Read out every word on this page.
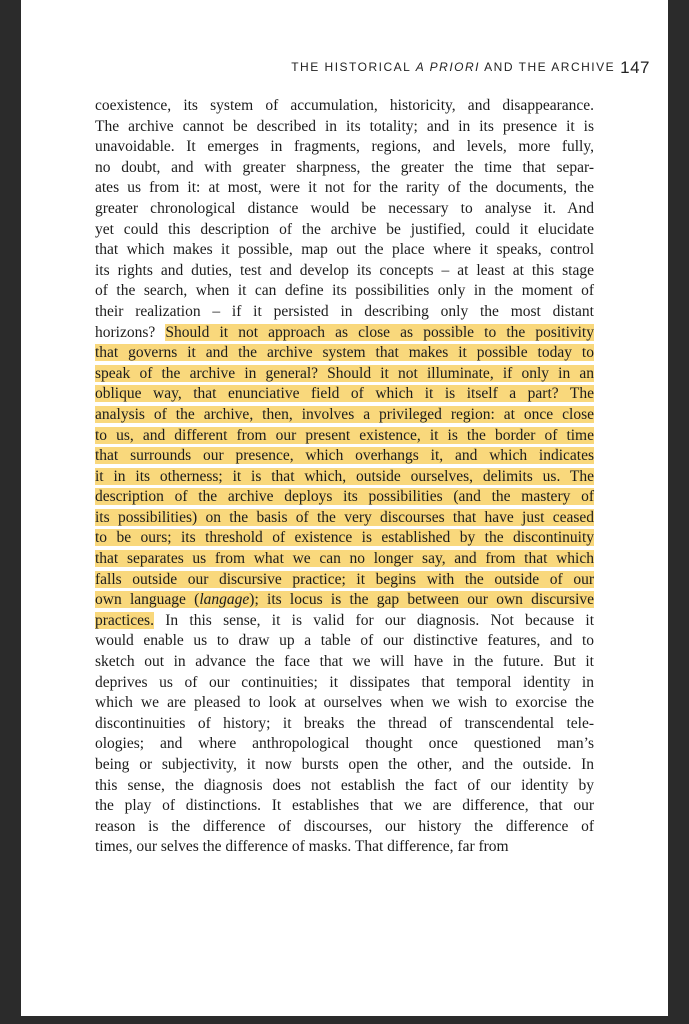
THE HISTORICAL A PRIORI AND THE ARCHIVE 147
coexistence, its system of accumulation, historicity, and disappearance.
The archive cannot be described in its totality; and in its presence it is
unavoidable. It emerges in fragments, regions, and levels, more fully,
no doubt, and with greater sharpness, the greater the time that separ-
ates us from it: at most, were it not for the rarity of the documents, the
greater chronological distance would be necessary to analyse it. And
yet could this description of the archive be justified, could it elucidate
that which makes it possible, map out the place where it speaks, control
its rights and duties, test and develop its concepts – at least at this stage
of the search, when it can define its possibilities only in the moment of
their realization – if it persisted in describing only the most distant
horizons? Should it not approach as close as possible to the positivity
that governs it and the archive system that makes it possible today to
speak of the archive in general? Should it not illuminate, if only in an
oblique way, that enunciative field of which it is itself a part? The
analysis of the archive, then, involves a privileged region: at once close
to us, and different from our present existence, it is the border of time
that surrounds our presence, which overhangs it, and which indicates
it in its otherness; it is that which, outside ourselves, delimits us. The
description of the archive deploys its possibilities (and the mastery of
its possibilities) on the basis of the very discourses that have just ceased
to be ours; its threshold of existence is established by the discontinuity
that separates us from what we can no longer say, and from that which
falls outside our discursive practice; it begins with the outside of our
own language (langage); its locus is the gap between our own discursive
practices. In this sense, it is valid for our diagnosis. Not because it
would enable us to draw up a table of our distinctive features, and to
sketch out in advance the face that we will have in the future. But it
deprives us of our continuities; it dissipates that temporal identity in
which we are pleased to look at ourselves when we wish to exorcise the
discontinuities of history; it breaks the thread of transcendental tele-
ologies; and where anthropological thought once questioned man’s
being or subjectivity, it now bursts open the other, and the outside. In
this sense, the diagnosis does not establish the fact of our identity by
the play of distinctions. It establishes that we are difference, that our
reason is the difference of discourses, our history the difference of
times, our selves the difference of masks. That difference, far from
